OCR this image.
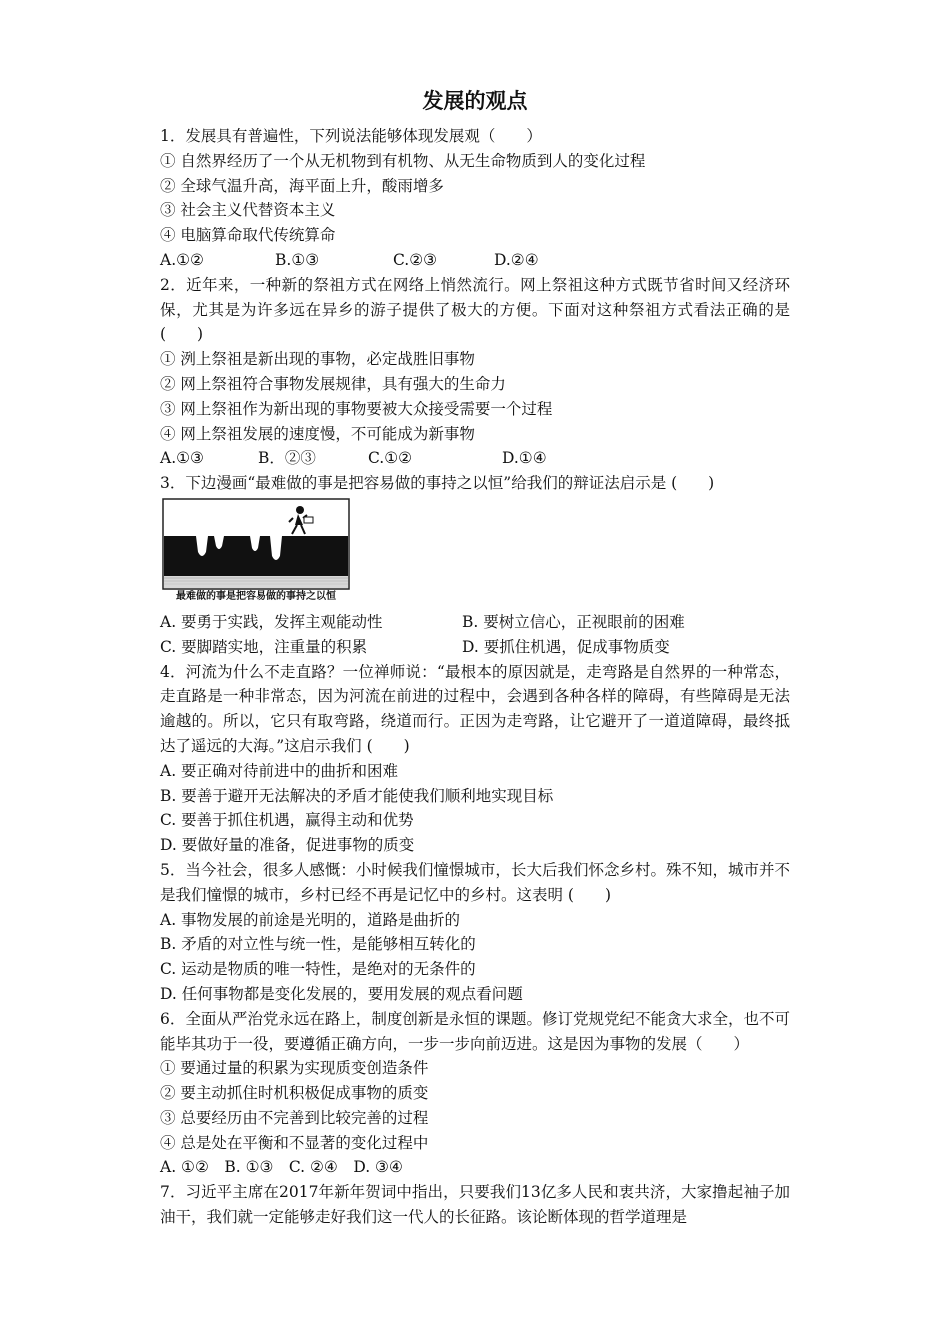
发展的观点

1．发展具有普遍性，下列说法能够体现发展观（　　）

① 自然界经历了一个从无机物到有机物、从无生命物质到人的变化过程

② 全球气温升高，海平面上升，酸雨增多

③ 社会主义代替资本主义

④ 电脑算命取代传统算命

A.①②	B.①③	C.②③	D.②④

2．近年来，一种新的祭祖方式在网络上悄然流行。网上祭祖这种方式既节省时间又经济环保，尤其是为许多远在异乡的游子提供了极大的方便。下面对这种祭祖方式看法正确的是(　　)

① 洌上祭祖是新出现的事物，必定战胜旧事物

② 网上祭祖符合事物发展规律，具有强大的生命力

③ 网上祭祖作为新出现的事物要被大众接受需要一个过程

④ 网上祭祖发展的速度慢，不可能成为新事物

A.①③	B．②③	C.①②	D.①④

3．下边漫画“最难做的事是把容易做的事持之以恒”给我们的辩证法启示是 (　　)

最难做的事是把容易做的事持之以恒
A. 要勇于实践，发挥主观能动性	B. 要树立信心，正视眼前的困难
C. 要脚踏实地，注重量的积累	D. 要抓住机遇，促成事物质变

4．河流为什么不走直路？一位禅师说：“最根本的原因就是，走弯路是自然界的一种常态，走直路是一种非常态，因为河流在前进的过程中，会遇到各种各样的障碍，有些障碍是无法逾越的。所以，它只有取弯路，绕道而行。正因为走弯路，让它避开了一道道障碍，最终抵达了遥远的大海。”这启示我们 (　　)

A. 要正确对待前进中的曲折和困难

B. 要善于避开无法解决的矛盾才能使我们顺利地实现目标

C. 要善于抓住机遇，赢得主动和优势

D. 要做好量的准备，促进事物的质变

5．当今社会，很多人感慨：小时候我们憧憬城市，长大后我们怀念乡村。殊不知，城市并不是我们憧憬的城市，乡村已经不再是记忆中的乡村。这表明 (　　)

A. 事物发展的前途是光明的，道路是曲折的

B. 矛盾的对立性与统一性，是能够相互转化的

C. 运动是物质的唯一特性，是绝对的无条件的

D. 任何事物都是变化发展的，要用发展的观点看问题

6．全面从严治党永远在路上，制度创新是永恒的课题。修订党规党纪不能贪大求全，也不可能毕其功于一役，要遵循正确方向，一步一步向前迈进。这是因为事物的发展（　　）

① 要通过量的积累为实现质变创造条件

② 要主动抓住时机积极促成事物的质变

③ 总要经历由不完善到比较完善的过程

④ 总是处在平衡和不显著的变化过程中

A. ①②　B. ①③　C. ②④　D. ③④

7．习近平主席在2017年新年贺词中指出，只要我们13亿多人民和衷共济，大家撸起袖子加油干，我们就一定能够走好我们这一代人的长征路。该论断体现的哲学道理是
